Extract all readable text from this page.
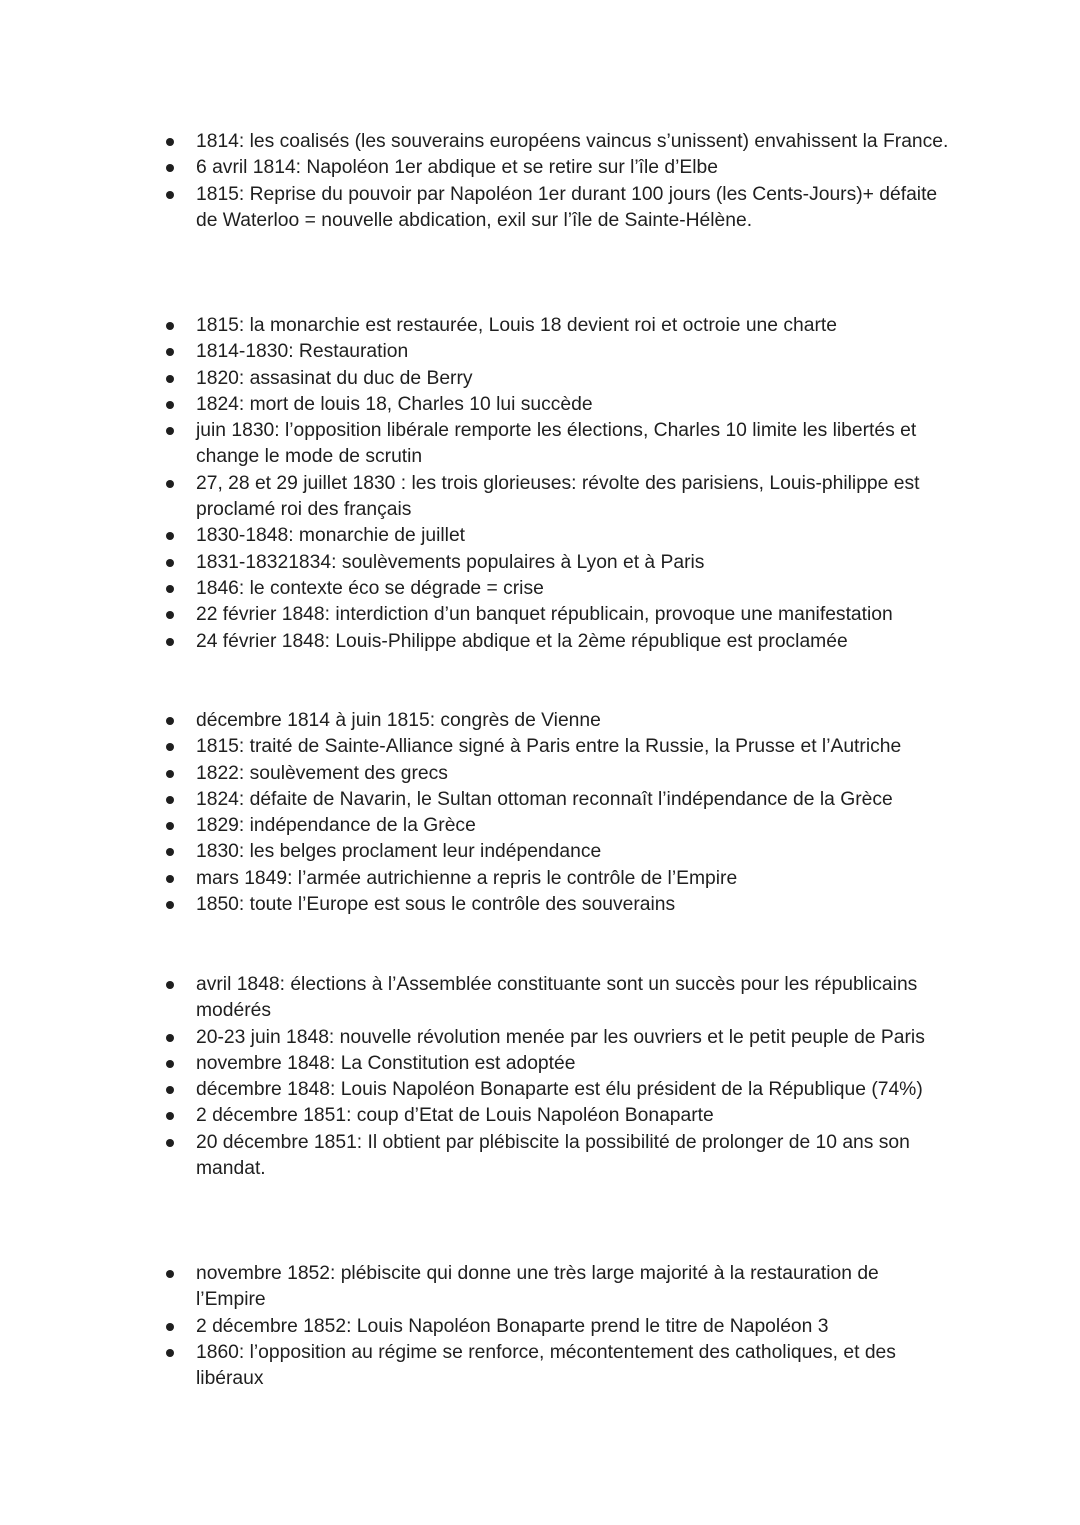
1814: les coalisés (les souverains européens vaincus s’unissent) envahissent la France.
6 avril 1814: Napoléon 1er abdique et se retire sur l’île d’Elbe
1815: Reprise du pouvoir par Napoléon 1er durant 100 jours (les Cents-Jours)+ défaite de Waterloo = nouvelle abdication, exil sur l’île de Sainte-Hélène.
1815: la monarchie est restaurée, Louis 18 devient roi et octroie une charte
1814-1830: Restauration
1820: assasinat du duc de Berry
1824: mort de louis 18, Charles 10 lui succède
juin 1830: l’opposition libérale remporte les élections, Charles 10 limite les libertés et change le mode de scrutin
27, 28 et 29 juillet 1830 : les trois glorieuses: révolte des parisiens, Louis-philippe est proclamé roi des français
1830-1848: monarchie de juillet
1831-18321834: soulèvements populaires à Lyon et à Paris
1846: le contexte éco se dégrade = crise
22 février 1848: interdiction d’un banquet républicain, provoque une manifestation
24 février 1848: Louis-Philippe abdique et la 2ème république est proclamée
décembre 1814 à juin 1815: congrès de Vienne
1815: traité de Sainte-Alliance signé à Paris entre la Russie, la Prusse et l’Autriche
1822: soulèvement des grecs
1824: défaite de Navarin, le Sultan ottoman reconnaît l’indépendance de la Grèce
1829: indépendance de la Grèce
1830: les belges proclament leur indépendance
mars 1849: l’armée autrichienne a repris le contrôle de l’Empire
1850: toute l’Europe est sous le contrôle des souverains
avril 1848: élections à l’Assemblée constituante sont un succès pour les républicains modérés
20-23 juin 1848: nouvelle révolution menée par les ouvriers et le petit peuple de Paris
novembre 1848: La Constitution est adoptée
décembre 1848: Louis Napoléon Bonaparte est élu président de la République (74%)
2 décembre 1851: coup d’Etat de Louis Napoléon Bonaparte
20 décembre 1851: Il obtient par plébiscite la possibilité de prolonger de 10 ans son mandat.
novembre 1852: plébiscite qui donne une très large majorité à la restauration de l’Empire
2 décembre 1852: Louis Napoléon Bonaparte prend le titre de Napoléon 3
1860: l’opposition au régime se renforce, mécontentement des catholiques, et des libéraux
